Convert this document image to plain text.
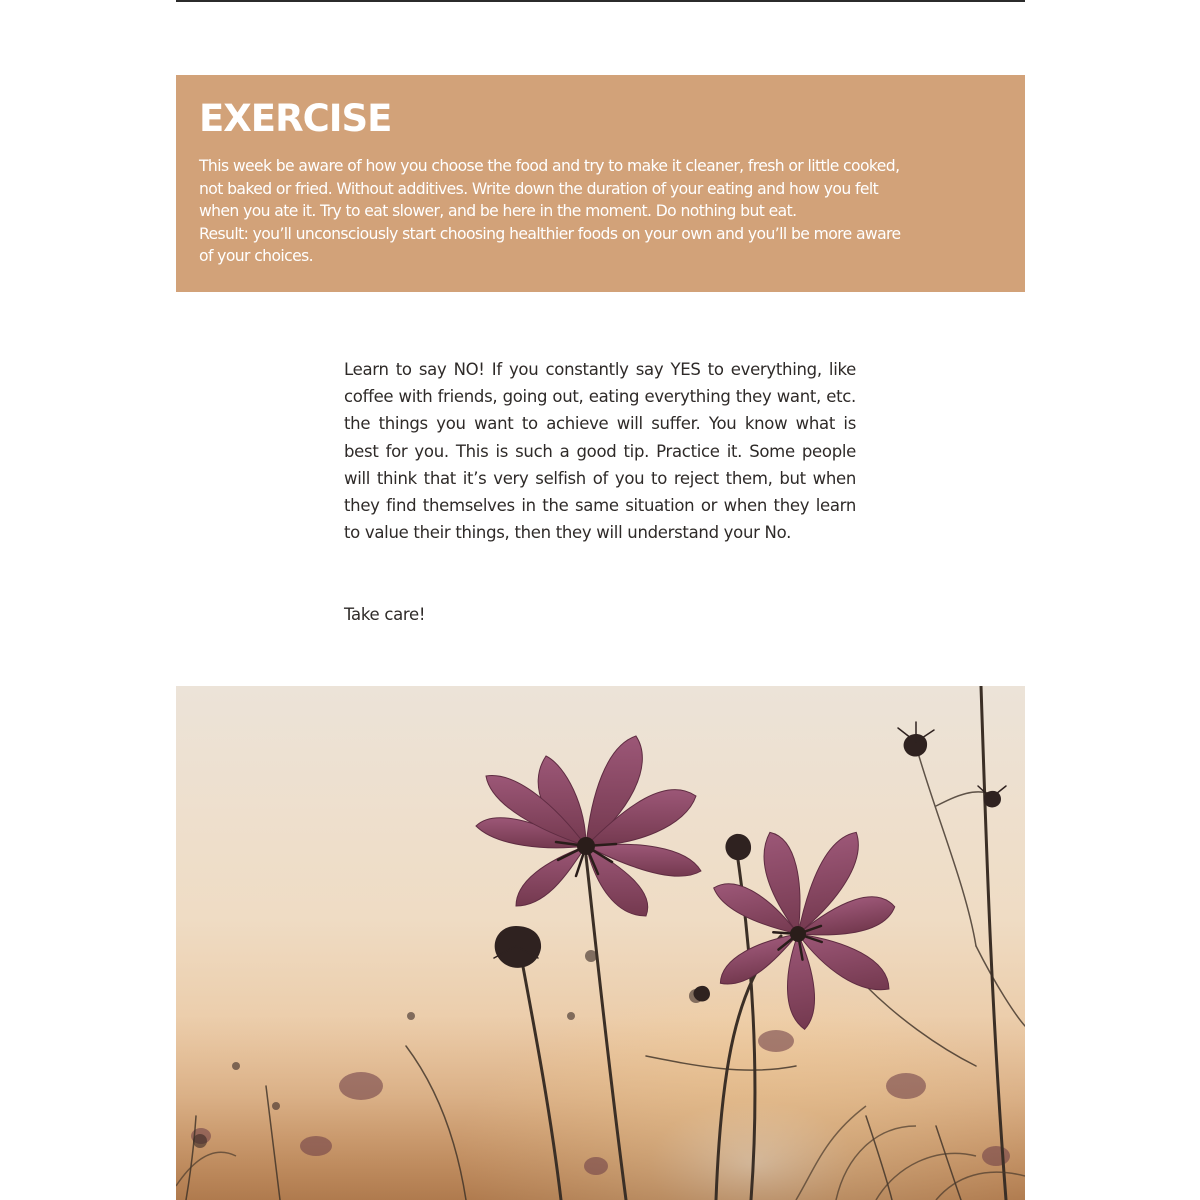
EXERCISE

This week be aware of how you choose the food and try to make it cleaner, fresh or little cooked,
not baked or fried. Without additives. Write down the duration of your eating and how you felt
when you ate it. Try to eat slower, and be here in the moment. Do nothing but eat.
Result: you’ll unconsciously start choosing healthier foods on your own and you’ll be more aware
of your choices.

Learn to say NO! If you constantly say YES to everything, like coffee with friends, going out, eating everything they want, etc. the things you want to achieve will suffer. You know what is best for you. This is such a good tip. Practice it. Some people will think that it’s very selfish of you to reject them, but when they find themselves in the same situation or when they learn to value their things, then they will understand your No.

Take care!
